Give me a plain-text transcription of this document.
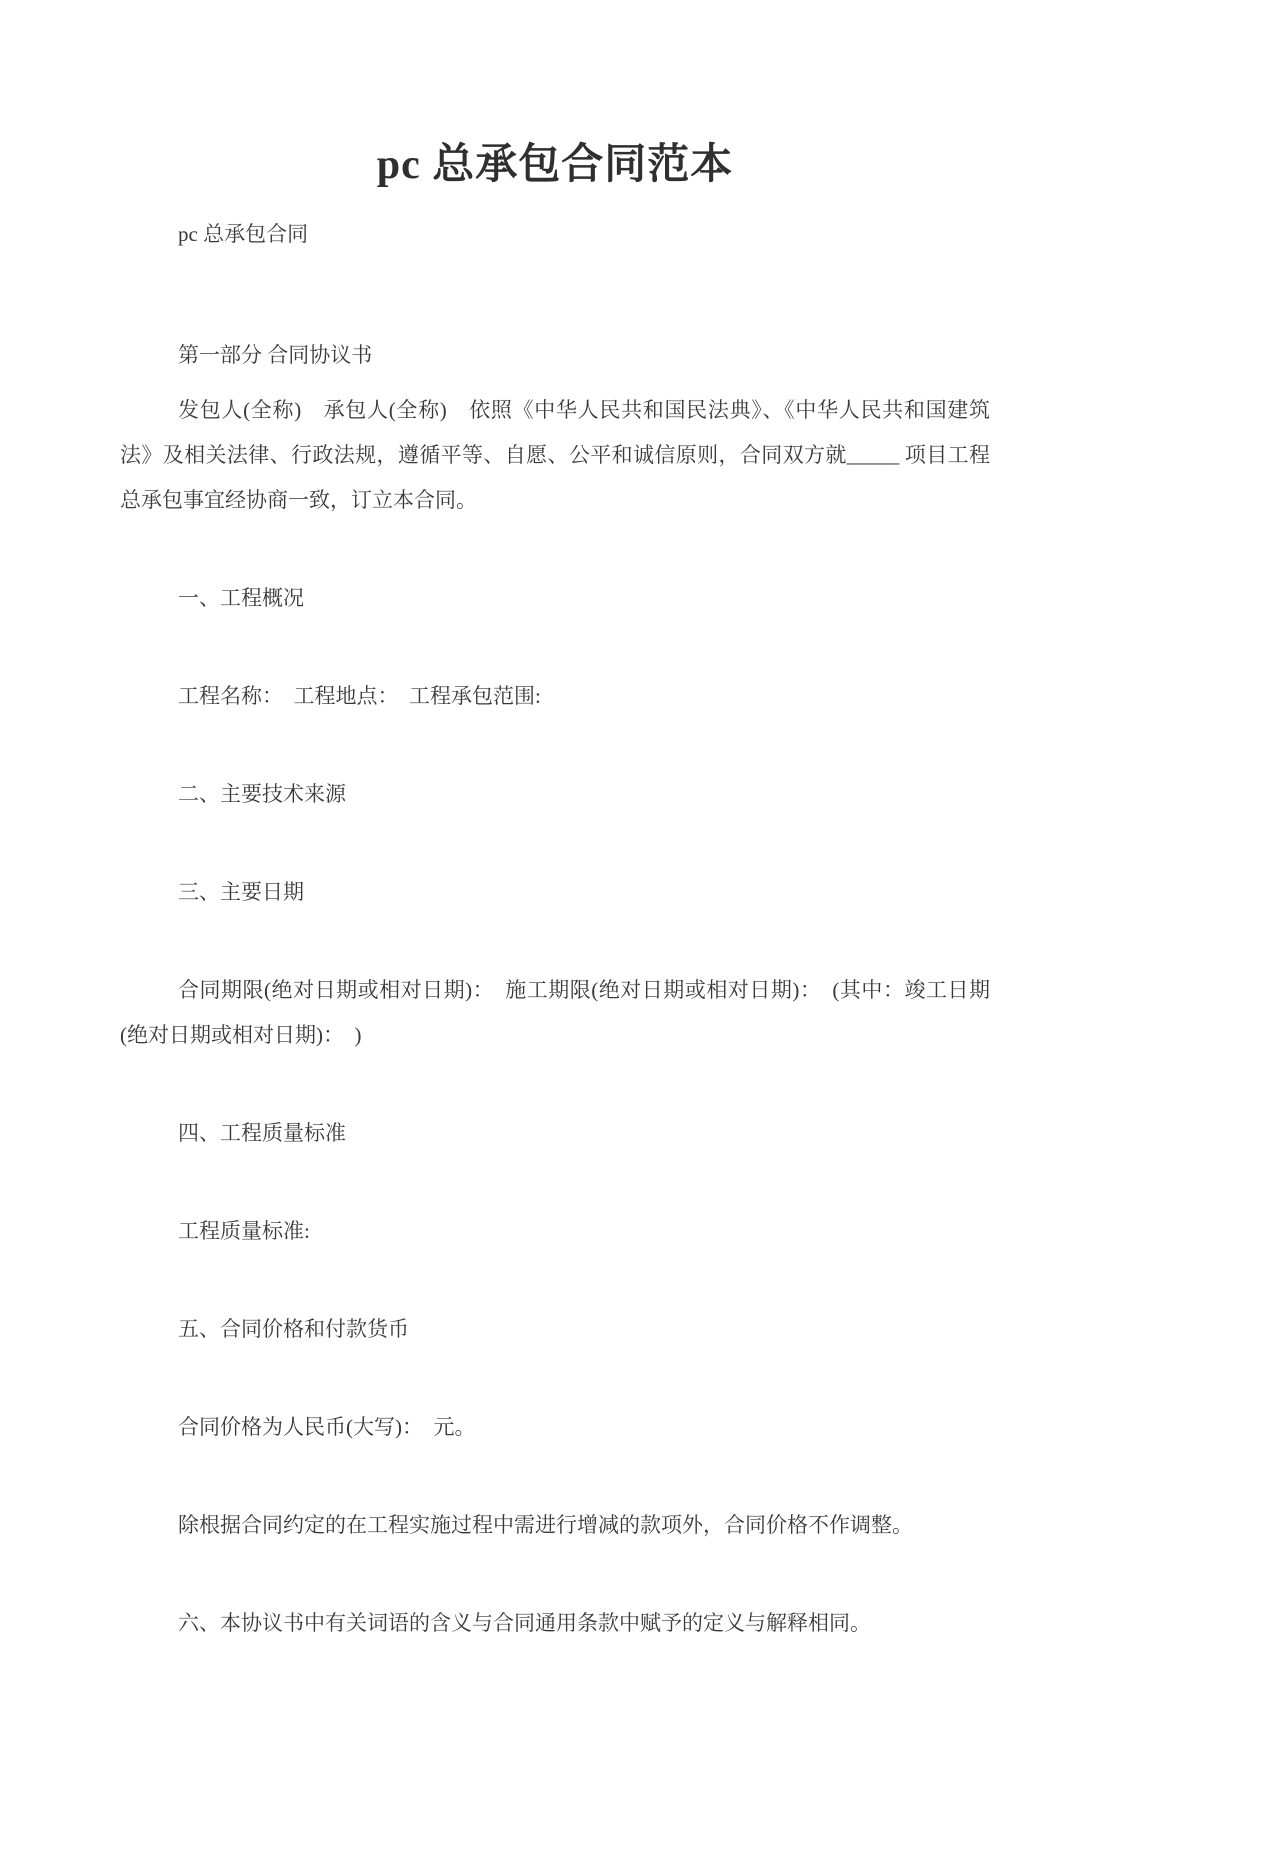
pc 总承包合同范本

pc 总承包合同

第一部分 合同协议书

发包人(全称)　承包人(全称)　依照《中华人民共和国民法典》、《中华人民共和国建筑法》及相关法律、行政法规，遵循平等、自愿、公平和诚信原则，合同双方就_____ 项目工程总承包事宜经协商一致，订立本合同。

一、工程概况

工程名称：　工程地点：　工程承包范围:

二、主要技术来源

三、主要日期

合同期限(绝对日期或相对日期)：　施工期限(绝对日期或相对日期)：　(其中：竣工日期(绝对日期或相对日期)：　)

四、工程质量标准

工程质量标准:

五、合同价格和付款货币

合同价格为人民币(大写)：　元。

除根据合同约定的在工程实施过程中需进行增减的款项外，合同价格不作调整。

六、本协议书中有关词语的含义与合同通用条款中赋予的定义与解释相同。
